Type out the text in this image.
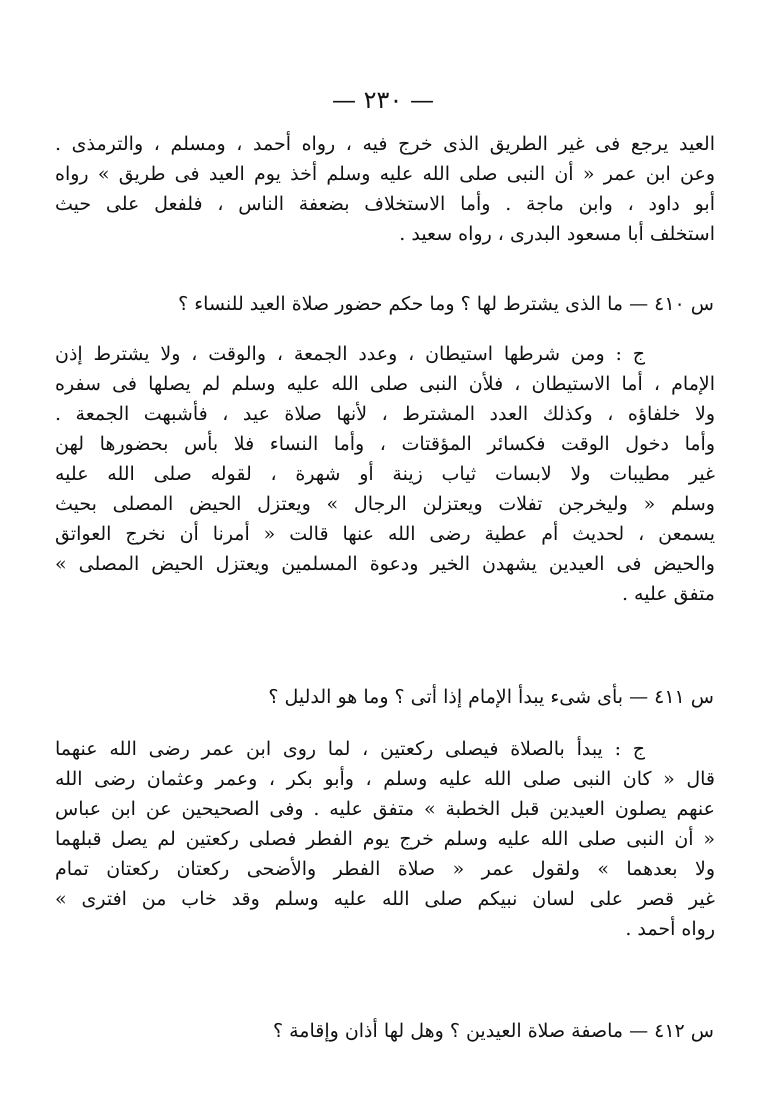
— ٢٣٠ —
العيد يرجع فى غير الطريق الذى خرج فيه ، رواه أحمد ، ومسلم ، والترمذى .
وعن ابن عمر « أن النبى صلى الله عليه وسلم أخذ يوم العيد فى طريق » رواه
أبو داود ، وابن ماجة . وأما الاستخلاف بضعفة الناس ، فلفعل على حيث
استخلف أبا مسعود البدرى ، رواه سعيد .
س ٤١٠ — ما الذى يشترط لها ؟ وما حكم حضور صلاة العيد للنساء ؟
ج : ومن شرطها استيطان ، وعدد الجمعة ، والوقت ، ولا يشترط إذن
الإمام ، أما الاستيطان ، فلأن النبى صلى الله عليه وسلم لم يصلها فى سفره
ولا خلفاؤه ، وكذلك العدد المشترط ، لأنها صلاة عيد ، فأشبهت الجمعة .
وأما دخول الوقت فكسائر المؤقتات ، وأما النساء فلا بأس بحضورها لهن
غير مطيبات ولا لابسات ثياب زينة أو شهرة ، لقوله صلى الله عليه
وسلم « وليخرجن تفلات ويعتزلن الرجال » ويعتزل الحيض المصلى بحيث
يسمعن ، لحديث أم عطية رضى الله عنها قالت « أمرنا أن نخرج العواتق
والحيض فى العيدين يشهدن الخير ودعوة المسلمين ويعتزل الحيض المصلى »
متفق عليه .
س ٤١١ — بأى شىء يبدأ الإمام إذا أتى ؟ وما هو الدليل ؟
ج : يبدأ بالصلاة فيصلى ركعتين ، لما روى ابن عمر رضى الله عنهما
قال « كان النبى صلى الله عليه وسلم ، وأبو بكر ، وعمر وعثمان رضى الله
عنهم يصلون العيدين قبل الخطبة » متفق عليه . وفى الصحيحين عن ابن عباس
« أن النبى صلى الله عليه وسلم خرج يوم الفطر فصلى ركعتين لم يصل قبلهما
ولا بعدهما » ولقول عمر « صلاة الفطر والأضحى ركعتان ركعتان تمام
غير قصر على لسان نبيكم صلى الله عليه وسلم وقد خاب من افترى »
رواه أحمد .
س ٤١٢ — ماصفة صلاة العيدين ؟ وهل لها أذان وإقامة ؟
